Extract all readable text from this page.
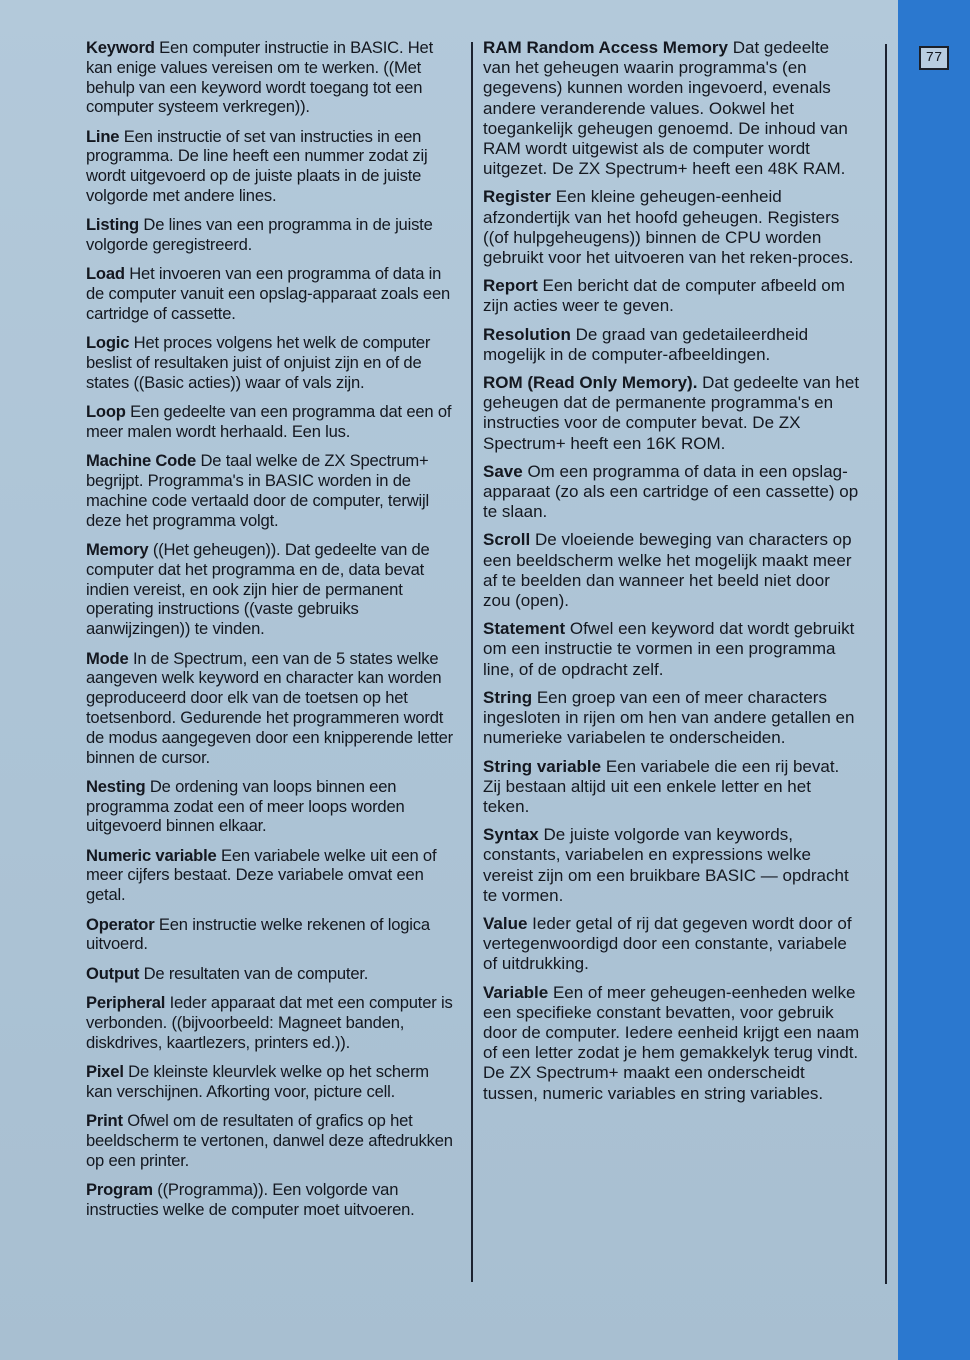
77

Keyword Een computer instructie in BASIC. Het kan enige values vereisen om te werken. ((Met behulp van een keyword wordt toegang tot een computer systeem verkregen)).

Line Een instructie of set van instructies in een programma. De line heeft een nummer zodat zij wordt uitgevoerd op de juiste plaats in de juiste volgorde met andere lines.

Listing De lines van een programma in de juiste volgorde geregistreerd.

Load Het invoeren van een programma of data in de computer vanuit een opslag-apparaat zoals een cartridge of cassette.

Logic Het proces volgens het welk de computer beslist of resultaken juist of onjuist zijn en of de states ((Basic acties)) waar of vals zijn.

Loop Een gedeelte van een programma dat een of meer malen wordt herhaald. Een lus.

Machine Code De taal welke de ZX Spectrum+ begrijpt. Programma's in BASIC worden in de machine code vertaald door de computer, terwijl deze het programma volgt.

Memory ((Het geheugen)). Dat gedeelte van de computer dat het programma en de, data bevat indien vereist, en ook zijn hier de permanent operating instructions ((vaste gebruiks aanwijzingen)) te vinden.

Mode In de Spectrum, een van de 5 states welke aangeven welk keyword en character kan worden geproduceerd door elk van de toetsen op het toetsenbord. Gedurende het programmeren wordt de modus aangegeven door een knipperende letter binnen de cursor.

Nesting De ordening van loops binnen een programma zodat een of meer loops worden uitgevoerd binnen elkaar.

Numeric variable Een variabele welke uit een of meer cijfers bestaat. Deze variabele omvat een getal.

Operator Een instructie welke rekenen of logica uitvoerd.

Output De resultaten van de computer.

Peripheral Ieder apparaat dat met een computer is verbonden. ((bijvoorbeeld: Magneet banden, diskdrives, kaartlezers, printers ed.)).

Pixel De kleinste kleurvlek welke op het scherm kan verschijnen. Afkorting voor, picture cell.

Print Ofwel om de resultaten of grafics op het beeldscherm te vertonen, danwel deze aftedrukken op een printer.

Program ((Programma)). Een volgorde van instructies welke de computer moet uitvoeren.

RAM Random Access Memory Dat gedeelte van het geheugen waarin programma's (en gegevens) kunnen worden ingevoerd, evenals andere veranderende values. Ookwel het toegankelijk geheugen genoemd. De inhoud van RAM wordt uitgewist als de computer wordt uitgezet. De ZX Spectrum+ heeft een 48K RAM.

Register Een kleine geheugen-eenheid afzondertijk van het hoofd geheugen. Registers ((of hulpgeheugens)) binnen de CPU worden gebruikt voor het uitvoeren van het reken-proces.

Report Een bericht dat de computer afbeeld om zijn acties weer te geven.

Resolution De graad van gedetaileerdheid mogelijk in de computer-afbeeldingen.

ROM (Read Only Memory). Dat gedeelte van het geheugen dat de permanente programma's en instructies voor de computer bevat. De ZX Spectrum+ heeft een 16K ROM.

Save Om een programma of data in een opslag-apparaat (zo als een cartridge of een cassette) op te slaan.

Scroll De vloeiende beweging van characters op een beeldscherm welke het mogelijk maakt meer af te beelden dan wanneer het beeld niet door zou (open).

Statement Ofwel een keyword dat wordt gebruikt om een instructie te vormen in een programma line, of de opdracht zelf.

String Een groep van een of meer characters ingesloten in rijen om hen van andere getallen en numerieke variabelen te onderscheiden.

String variable Een variabele die een rij bevat. Zij bestaan altijd uit een enkele letter en het teken.

Syntax De juiste volgorde van keywords, constants, variabelen en expressions welke vereist zijn om een bruikbare BASIC — opdracht te vormen.

Value Ieder getal of rij dat gegeven wordt door of vertegenwoordigd door een constante, variabele of uitdrukking.

Variable Een of meer geheugen-eenheden welke een specifieke constant bevatten, voor gebruik door de computer. Iedere eenheid krijgt een naam of een letter zodat je hem gemakkelyk terug vindt. De ZX Spectrum+ maakt een onderscheidt tussen, numeric variables en string variables.
